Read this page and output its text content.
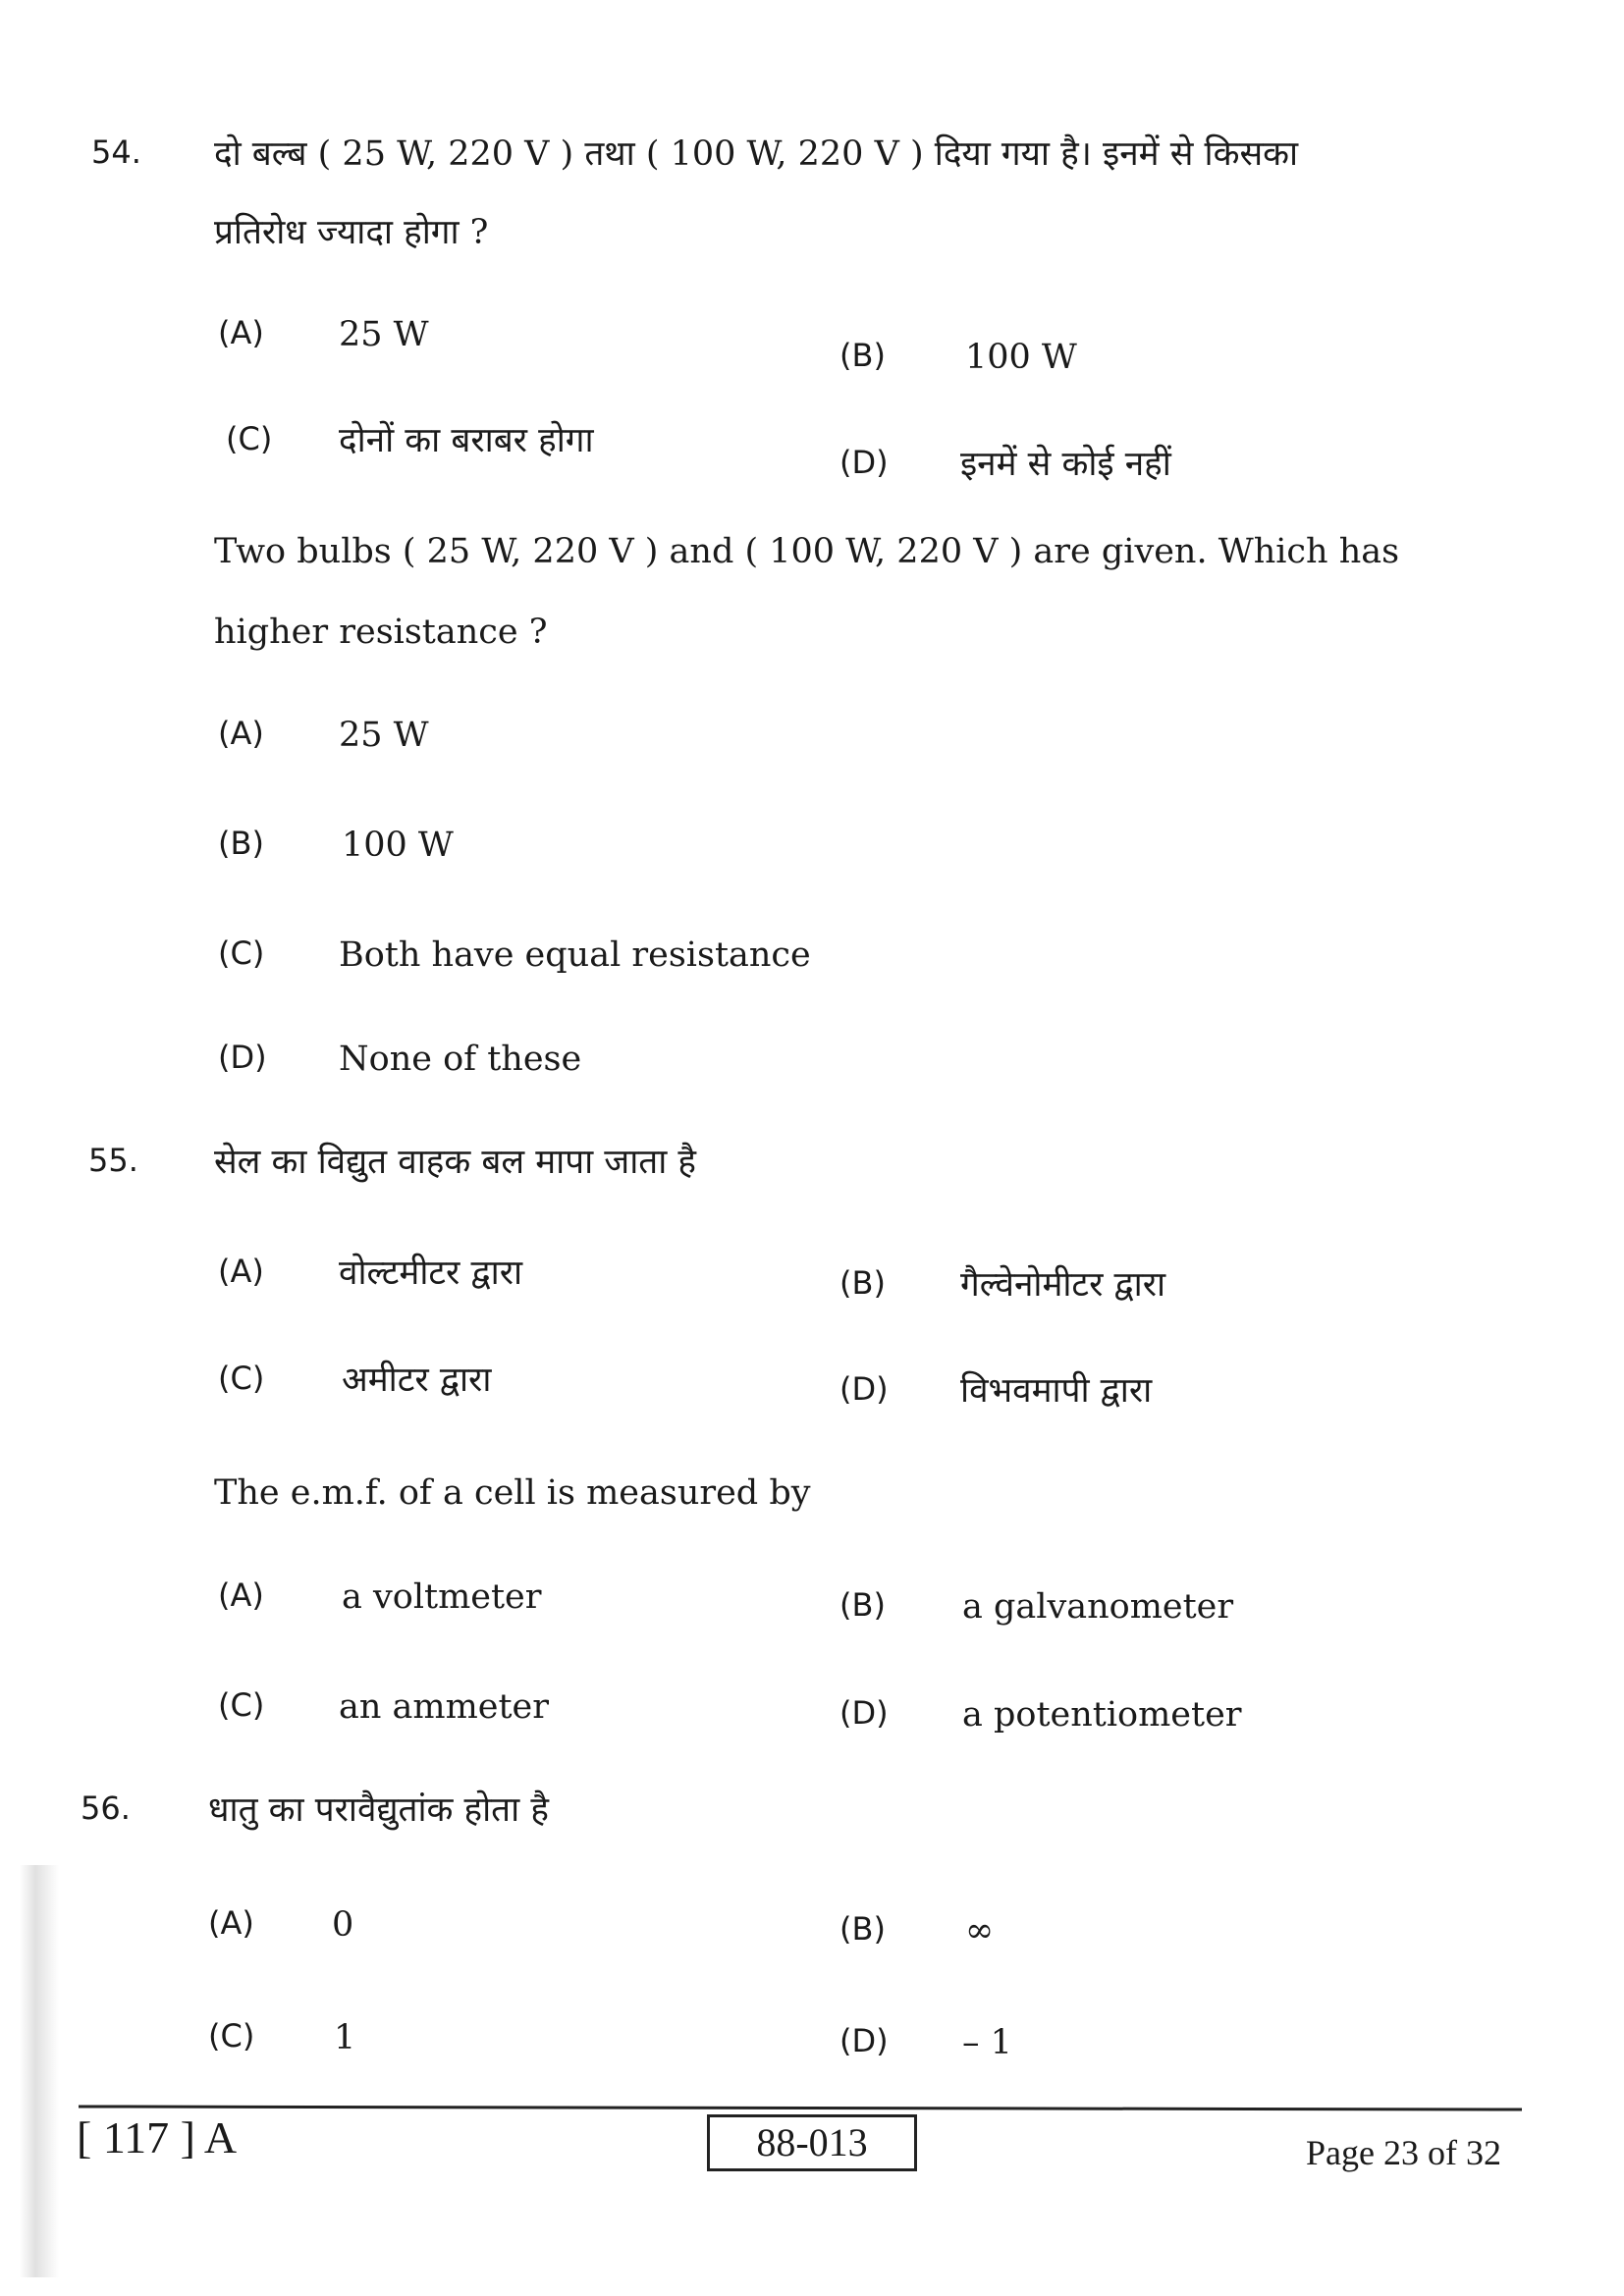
54. दो बल्ब ( 25 W, 220 V ) तथा ( 100 W, 220 V ) दिया गया है। इनमें से किसका
प्रतिरोध ज्यादा होगा ?
(A) 25 W
(B) 100 W
(C) दोनों का बराबर होगा
(D) इनमें से कोई नहीं
Two bulbs ( 25 W, 220 V ) and ( 100 W, 220 V ) are given. Which has
higher resistance ?
(A) 25 W
(B) 100 W
(C) Both have equal resistance
(D) None of these
55. सेल का विद्युत वाहक बल मापा जाता है
(A) वोल्टमीटर द्वारा	(B) गैल्वेनोमीटर द्वारा
(C) अमीटर द्वारा	(D) विभवमापी द्वारा
The e.m.f. of a cell is measured by
(A) a voltmeter	(B) a galvanometer
(C) an ammeter	(D) a potentiometer
56. धातु का परावैद्युतांक होता है
(A) 0	(B) ∞
(C) 1	(D) – 1
[ 117 ] A	88-013	Page 23 of 32
